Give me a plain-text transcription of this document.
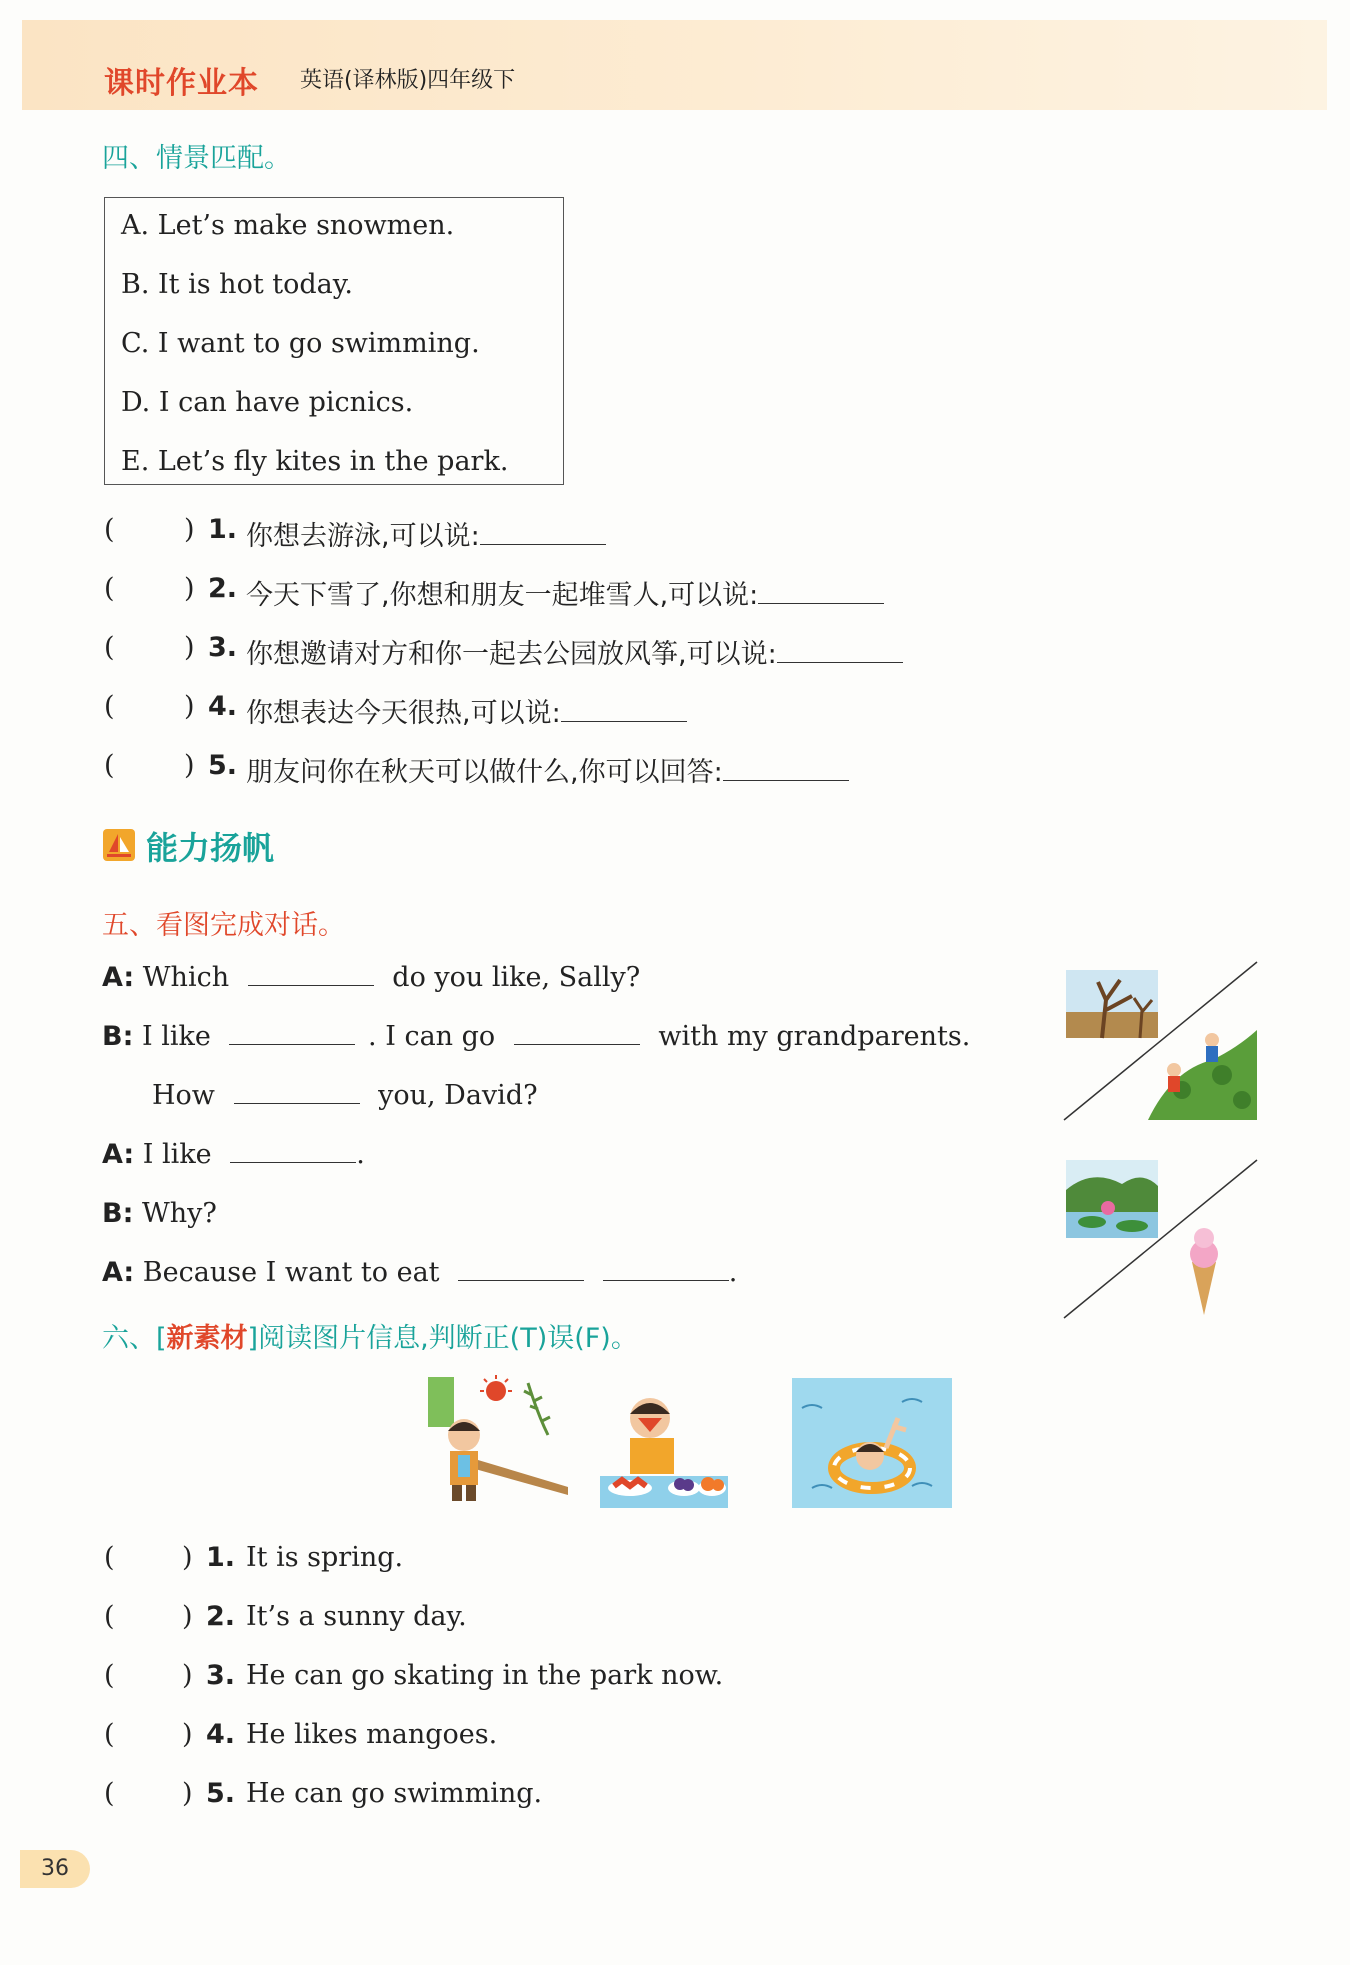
课时作业本 英语(译林版)四年级下
四、情景匹配。
A. Let’s make snowmen.
B. It is hot today.
C. I want to go swimming.
D. I can have picnics.
E. Let’s fly kites in the park.
(	) 1. 你想去游泳,可以说:
(	) 2. 今天下雪了,你想和朋友一起堆雪人,可以说:
(	) 3. 你想邀请对方和你一起去公园放风筝,可以说:
(	) 4. 你想表达今天很热,可以说:
(	) 5. 朋友问你在秋天可以做什么,你可以回答:
能力扬帆
五、看图完成对话。
A: Which	do you like, Sally?
B: I like	. I can go	with my grandparents.
How	you, David?
A: I like	.
B: Why?
A: Because I want to eat	.
六、[新素材]阅读图片信息,判断正(T)误(F)。
( ) 1. It is spring.
( ) 2. It’s a sunny day.
( ) 3. He can go skating in the park now.
( ) 4. He likes mangoes.
( ) 5. He can go swimming.
36
